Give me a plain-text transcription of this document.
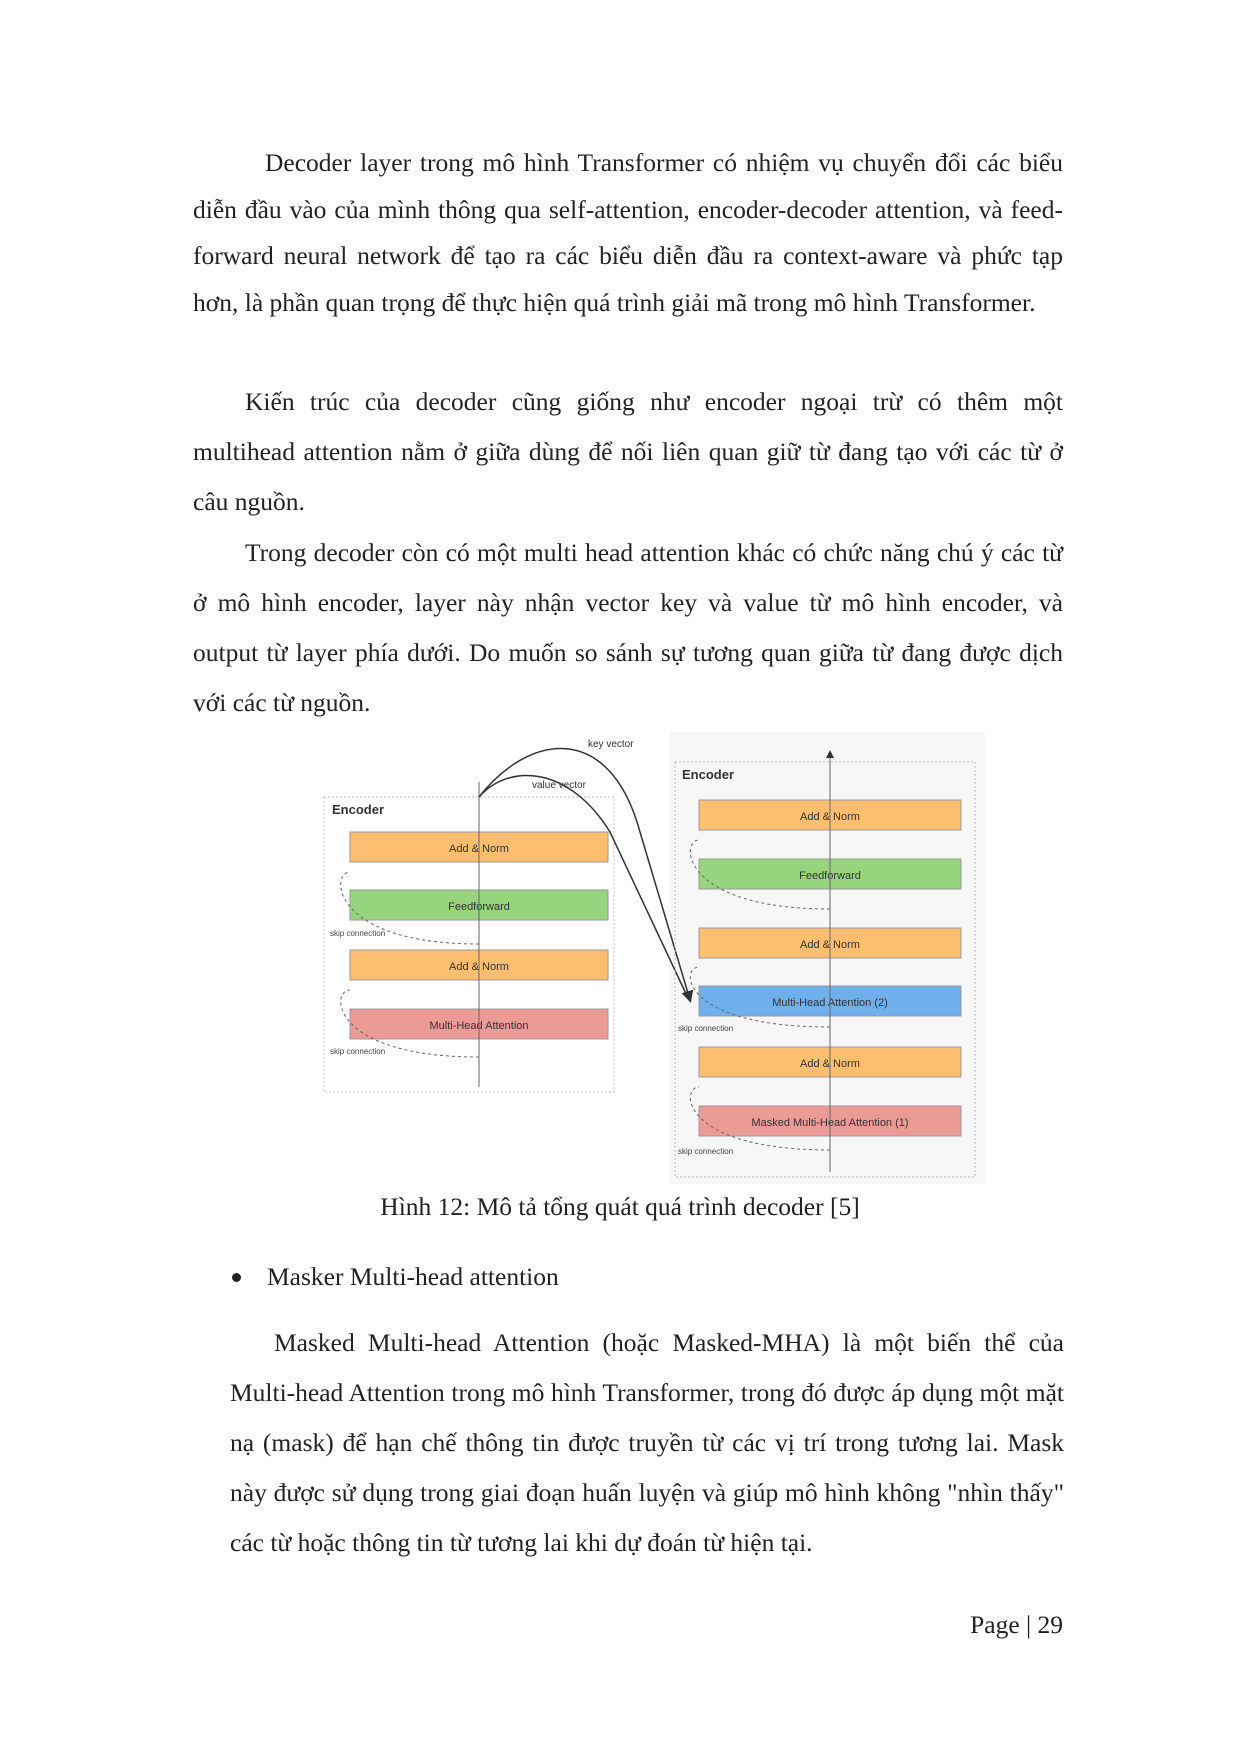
Decoder layer trong mô hình Transformer có nhiệm vụ chuyển đổi các biểu diễn đầu vào của mình thông qua self-attention, encoder-decoder attention, và feed-forward neural network để tạo ra các biểu diễn đầu ra context-aware và phức tạp hơn, là phần quan trọng để thực hiện quá trình giải mã trong mô hình Transformer.

Kiến trúc của decoder cũng giống như encoder ngoại trừ có thêm một multihead attention nằm ở giữa dùng để nối liên quan giữ từ đang tạo với các từ ở câu nguồn.

Trong decoder còn có một multi head attention khác có chức năng chú ý các từ ở mô hình encoder, layer này nhận vector key và value từ mô hình encoder, và output từ layer phía dưới. Do muốn so sánh sự tương quan giữa từ đang được dịch với các từ nguồn.

Encoder
Add & Norm
Feedforward
Add & Norm
Multi-Head Attention
skip connection
skip connection
key vector
value vector
Encoder
Add & Norm
Feedforward
Add & Norm
Multi-Head Attention (2)
Add & Norm
Masked Multi-Head Attention (1)
skip connection
skip connection

Hình 12: Mô tả tổng quát quá trình decoder [5]

Masker Multi-head attention

Masked Multi-head Attention (hoặc Masked-MHA) là một biến thể của Multi-head Attention trong mô hình Transformer, trong đó được áp dụng một mặt nạ (mask) để hạn chế thông tin được truyền từ các vị trí trong tương lai. Mask này được sử dụng trong giai đoạn huấn luyện và giúp mô hình không "nhìn thấy" các từ hoặc thông tin từ tương lai khi dự đoán từ hiện tại.

Page | 29
